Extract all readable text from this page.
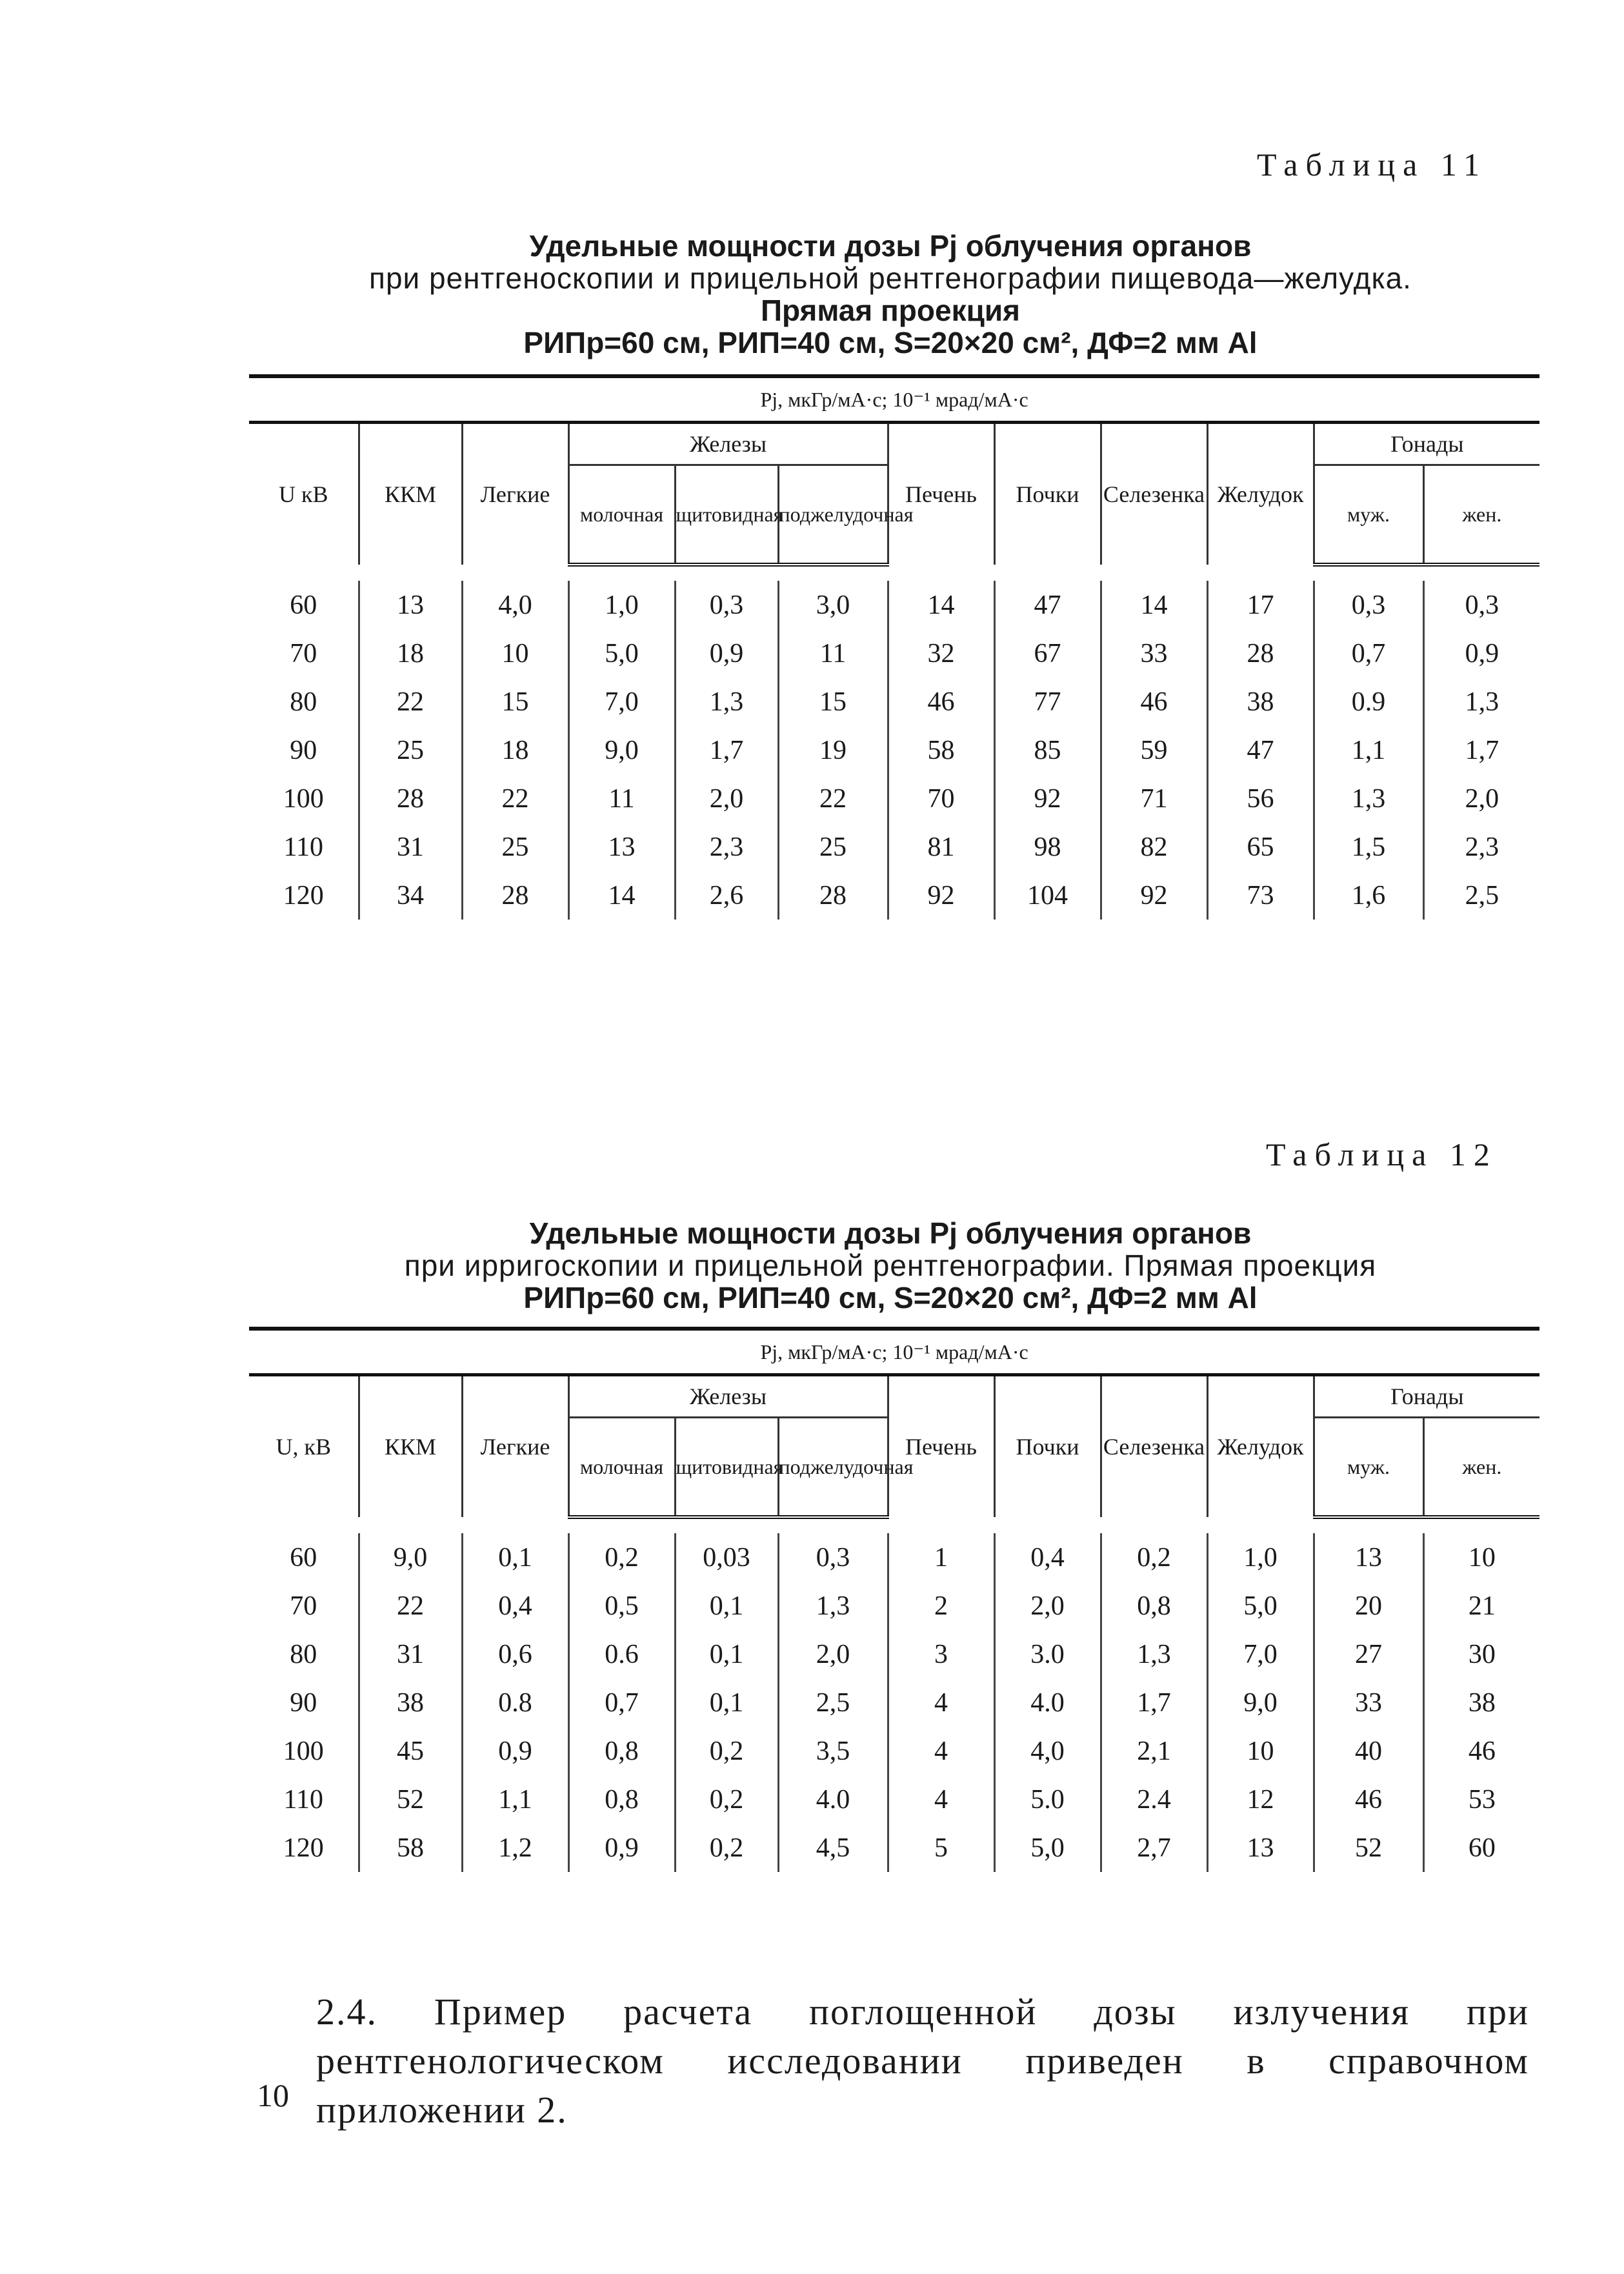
Таблица 11
Удельные мощности дозы Pj облучения органов
при рентгеноскопии и прицельной рентгенографии пищевода—желудка.
Прямая проекция
РИПр=60 см, РИП=40 см, S=20×20 см², ДФ=2 мм Al
Pj, мкГр/мА·с; 10⁻¹ мрад/мА·с											
U кВ	ККМ	Легкие	Железы			Печень	Почки	Селезенка	Желудок	Гонады	
			молочная	щитовидная	поджелудочная					муж.	жен.

60	13	4,0	1,0	0,3	3,0	14	47	14	17	0,3	0,3
70	18	10	5,0	0,9	11	32	67	33	28	0,7	0,9
80	22	15	7,0	1,3	15	46	77	46	38	0.9	1,3
90	25	18	9,0	1,7	19	58	85	59	47	1,1	1,7
100	28	22	11	2,0	22	70	92	71	56	1,3	2,0
110	31	25	13	2,3	25	81	98	82	65	1,5	2,3
120	34	28	14	2,6	28	92	104	92	73	1,6	2,5
Таблица 12
Удельные мощности дозы Pj облучения органов
при ирригоскопии и прицельной рентгенографии. Прямая проекция
РИПр=60 см, РИП=40 см, S=20×20 см², ДФ=2 мм Al
Pj, мкГр/мА·с; 10⁻¹ мрад/мА·с											
U, кВ	ККМ	Легкие	Железы			Печень	Почки	Селезенка	Желудок	Гонады	
			молочная	щитовидная	поджелудочная					муж.	жен.

60	9,0	0,1	0,2	0,03	0,3	1	0,4	0,2	1,0	13	10
70	22	0,4	0,5	0,1	1,3	2	2,0	0,8	5,0	20	21
80	31	0,6	0.6	0,1	2,0	3	3.0	1,3	7,0	27	30
90	38	0.8	0,7	0,1	2,5	4	4.0	1,7	9,0	33	38
100	45	0,9	0,8	0,2	3,5	4	4,0	2,1	10	40	46
110	52	1,1	0,8	0,2	4.0	4	5.0	2.4	12	46	53
120	58	1,2	0,9	0,2	4,5	5	5,0	2,7	13	52	60
2.4. Пример расчета поглощенной дозы излучения при рентгенологическом исследовании приведен в справочном приложении 2.
10
